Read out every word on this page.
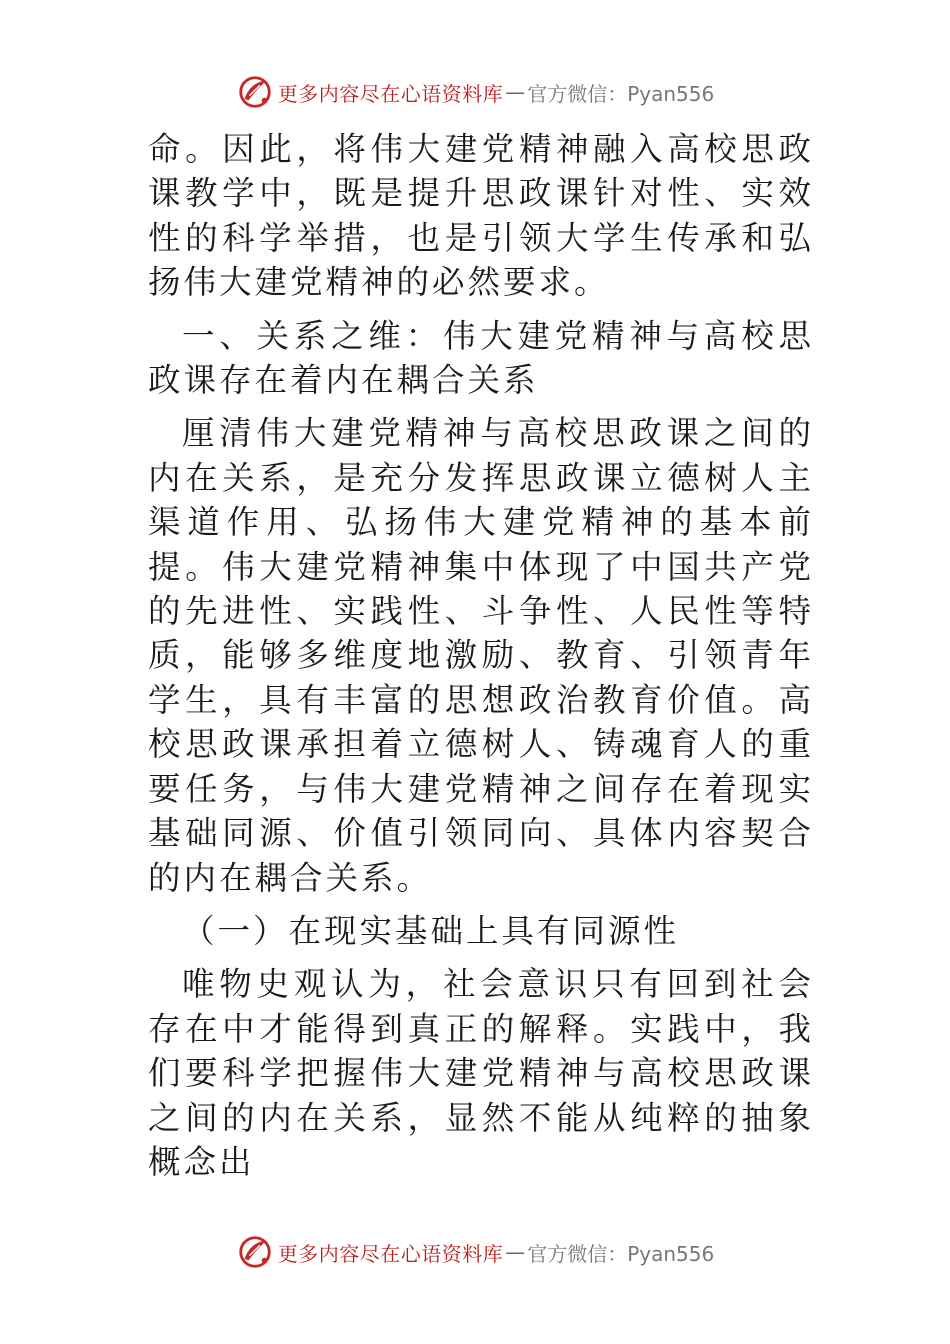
更多内容尽在心语资料库 — 官方微信：Pyan556

命。因此，将伟大建党精神融入高校思政课教学中，既是提升思政课针对性、实效性的科学举措，也是引领大学生传承和弘扬伟大建党精神的必然要求。

一、关系之维：伟大建党精神与高校思政课存在着内在耦合关系

厘清伟大建党精神与高校思政课之间的内在关系，是充分发挥思政课立德树人主渠道作用、弘扬伟大建党精神的基本前提。伟大建党精神集中体现了中国共产党的先进性、实践性、斗争性、人民性等特质，能够多维度地激励、教育、引领青年学生，具有丰富的思想政治教育价值。高校思政课承担着立德树人、铸魂育人的重要任务，与伟大建党精神之间存在着现实基础同源、价值引领同向、具体内容契合的内在耦合关系。

（一）在现实基础上具有同源性

唯物史观认为，社会意识只有回到社会存在中才能得到真正的解释。实践中，我们要科学把握伟大建党精神与高校思政课之间的内在关系，显然不能从纯粹的抽象概念出

更多内容尽在心语资料库 — 官方微信：Pyan556
